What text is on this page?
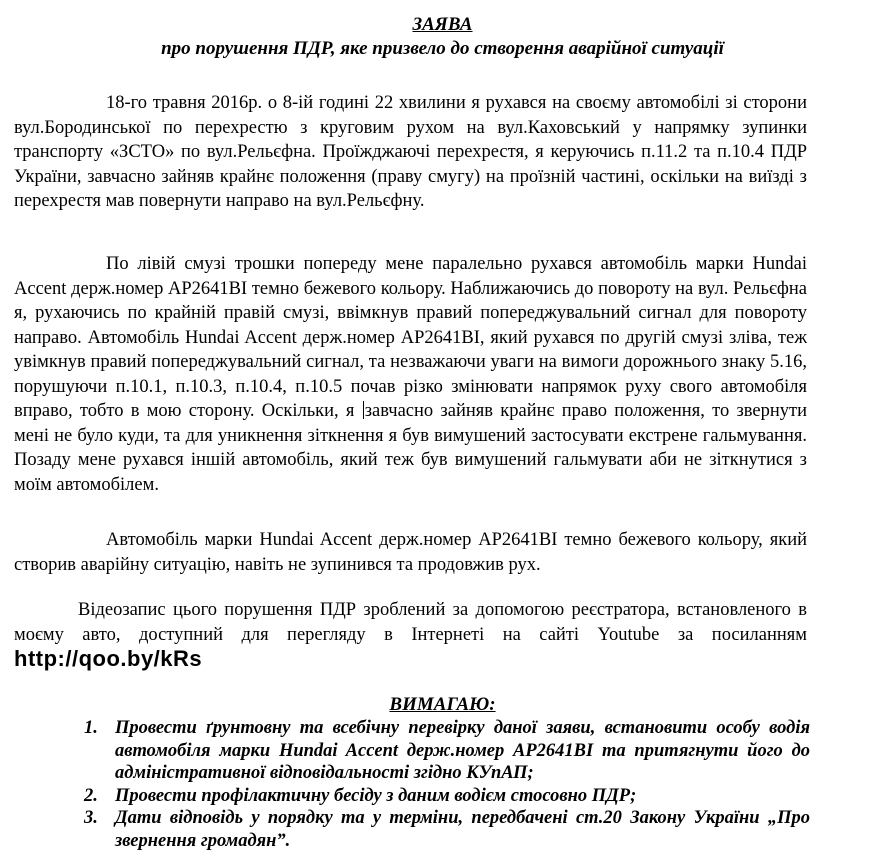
ЗАЯВА
про порушення ПДР, яке призвело до створення аварійної ситуації

18-го травня 2016р. о 8-ій годині 22 хвилини я рухався на своєму автомобілі зі сторони вул.Бородинської по перехрестю з круговим рухом на вул.Каховський у напрямку зупинки транспорту «ЗСТО» по вул.Рельєфна. Проїжджаючі перехрестя, я керуючись п.11.2 та п.10.4 ПДР України, завчасно зайняв крайнє положення (праву смугу) на проїзній частині, оскільки на виїзді з перехрестя мав повернути направо на вул.Рельєфну.

По лівій смузі трошки попереду мене паралельно рухався автомобіль марки Hundai Accent держ.номер AP2641BI темно бежевого кольору. Наближаючись до повороту на вул. Рельєфна я, рухаючись по крайній правій смузі, ввімкнув правий попереджувальний сигнал для повороту направо. Автомобіль Hundai Accent держ.номер AP2641BI, який рухався по другій смузі зліва, теж увімкнув правий попереджувальний сигнал, та незважаючи уваги на вимоги дорожнього знаку 5.16, порушуючи п.10.1, п.10.3, п.10.4, п.10.5 почав різко змінювати напрямок руху свого автомобіля вправо, тобто в мою сторону. Оскільки, я завчасно зайняв крайнє право положення, то звернути мені не було куди, та для уникнення зіткнення я був вимушений застосувати екстрене гальмування. Позаду мене рухався іншій автомобіль, який теж був вимушений гальмувати аби не зіткнутися з моїм автомобілем.

Автомобіль марки Hundai Accent держ.номер AP2641BI темно бежевого кольору, який створив аварійну ситуацію, навіть не зупинився та продовжив рух.

Відеозапис цього порушення ПДР зроблений за допомогою реєстратора, встановленого в моєму авто, доступний для перегляду в Інтернеті на сайті Youtube за посиланням http://qoo.by/kRs

ВИМАГАЮ:
1. Провести ґрунтовну та всебічну перевірку даної заяви, встановити особу водія автомобіля марки Hundai Accent держ.номер AP2641BI та притягнути його до адміністративної відповідальності згідно КУпАП;
2. Провести профілактичну бесіду з даним водієм стосовно ПДР;
3. Дати відповідь у порядку та у терміни, передбачені ст.20 Закону України „Про звернення громадян”.
